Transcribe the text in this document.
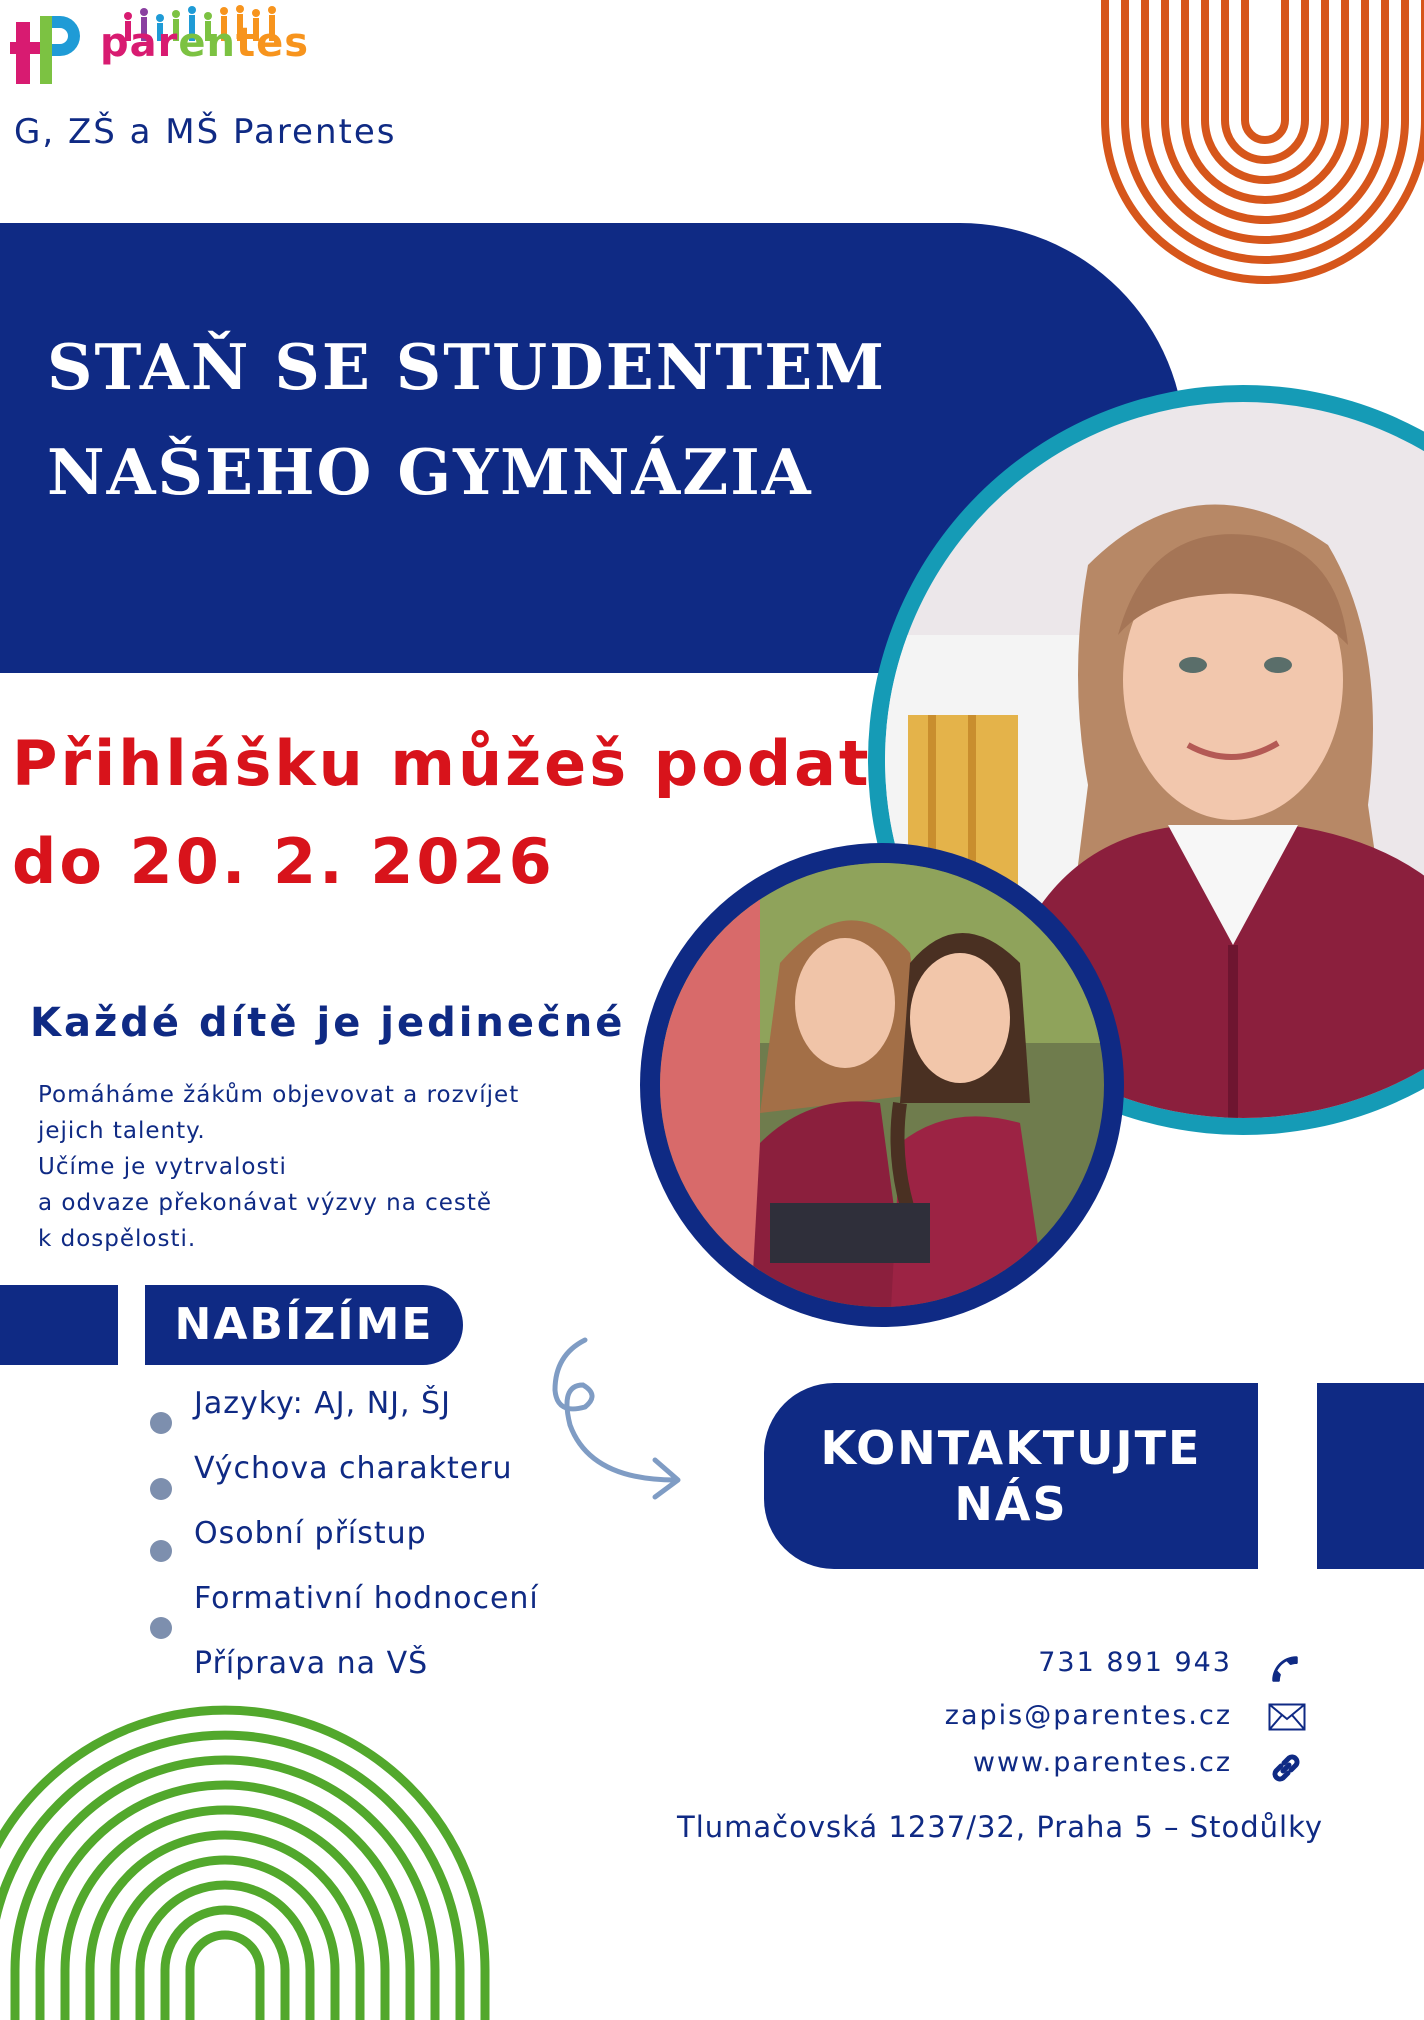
parentes
G, ZŠ a MŠ Parentes
STAŇ SE STUDENTEM
NAŠEHO GYMNÁZIA
Přihlášku můžeš podat
do 20. 2. 2026
Každé dítě je jedinečné
Pomáháme žákům objevovat a rozvíjet
jejich talenty.
Učíme je vytrvalosti
a odvaze překonávat výzvy na cestě
k dospělosti.
NABÍZÍME
Jazyky: AJ, NJ, ŠJ
Výchova charakteru
Osobní přístup
Formativní hodnocení
Příprava na VŠ
KONTAKTUJTE
NÁS
731 891 943
zapis@parentes.cz
www.parentes.cz
Tlumačovská 1237/32, Praha 5 – Stodůlky
